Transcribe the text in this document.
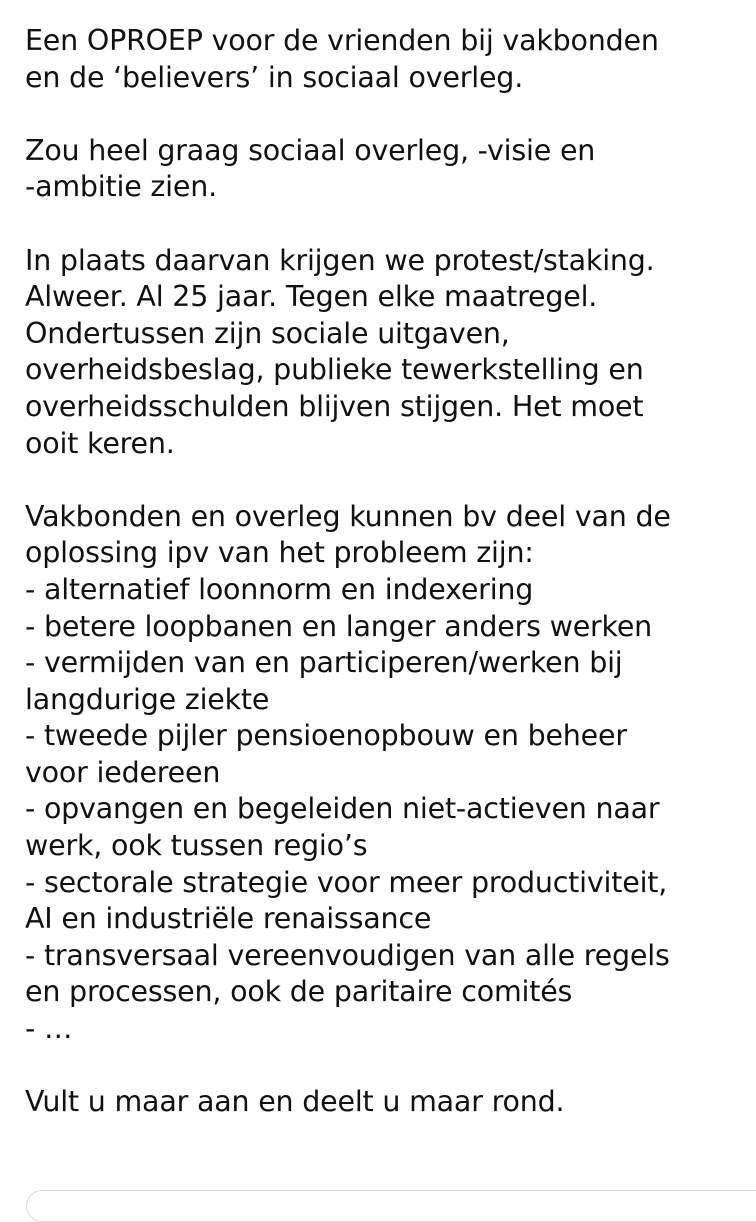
Een OPROEP voor de vrienden bij vakbonden
en de ‘believers’ in sociaal overleg.
Zou heel graag sociaal overleg, -visie en
-ambitie zien.
In plaats daarvan krijgen we protest/staking.
Alweer. Al 25 jaar. Tegen elke maatregel.
Ondertussen zijn sociale uitgaven,
overheidsbeslag, publieke tewerkstelling en
overheidsschulden blijven stijgen. Het moet
ooit keren.
Vakbonden en overleg kunnen bv deel van de
oplossing ipv van het probleem zijn:
- alternatief loonnorm en indexering
- betere loopbanen en langer anders werken
- vermijden van en participeren/werken bij
langdurige ziekte
- tweede pijler pensioenopbouw en beheer
voor iedereen
- opvangen en begeleiden niet-actieven naar
werk, ook tussen regio’s
- sectorale strategie voor meer productiviteit,
AI en industriële renaissance
- transversaal vereenvoudigen van alle regels
en processen, ook de paritaire comités
- …
Vult u maar aan en deelt u maar rond.
